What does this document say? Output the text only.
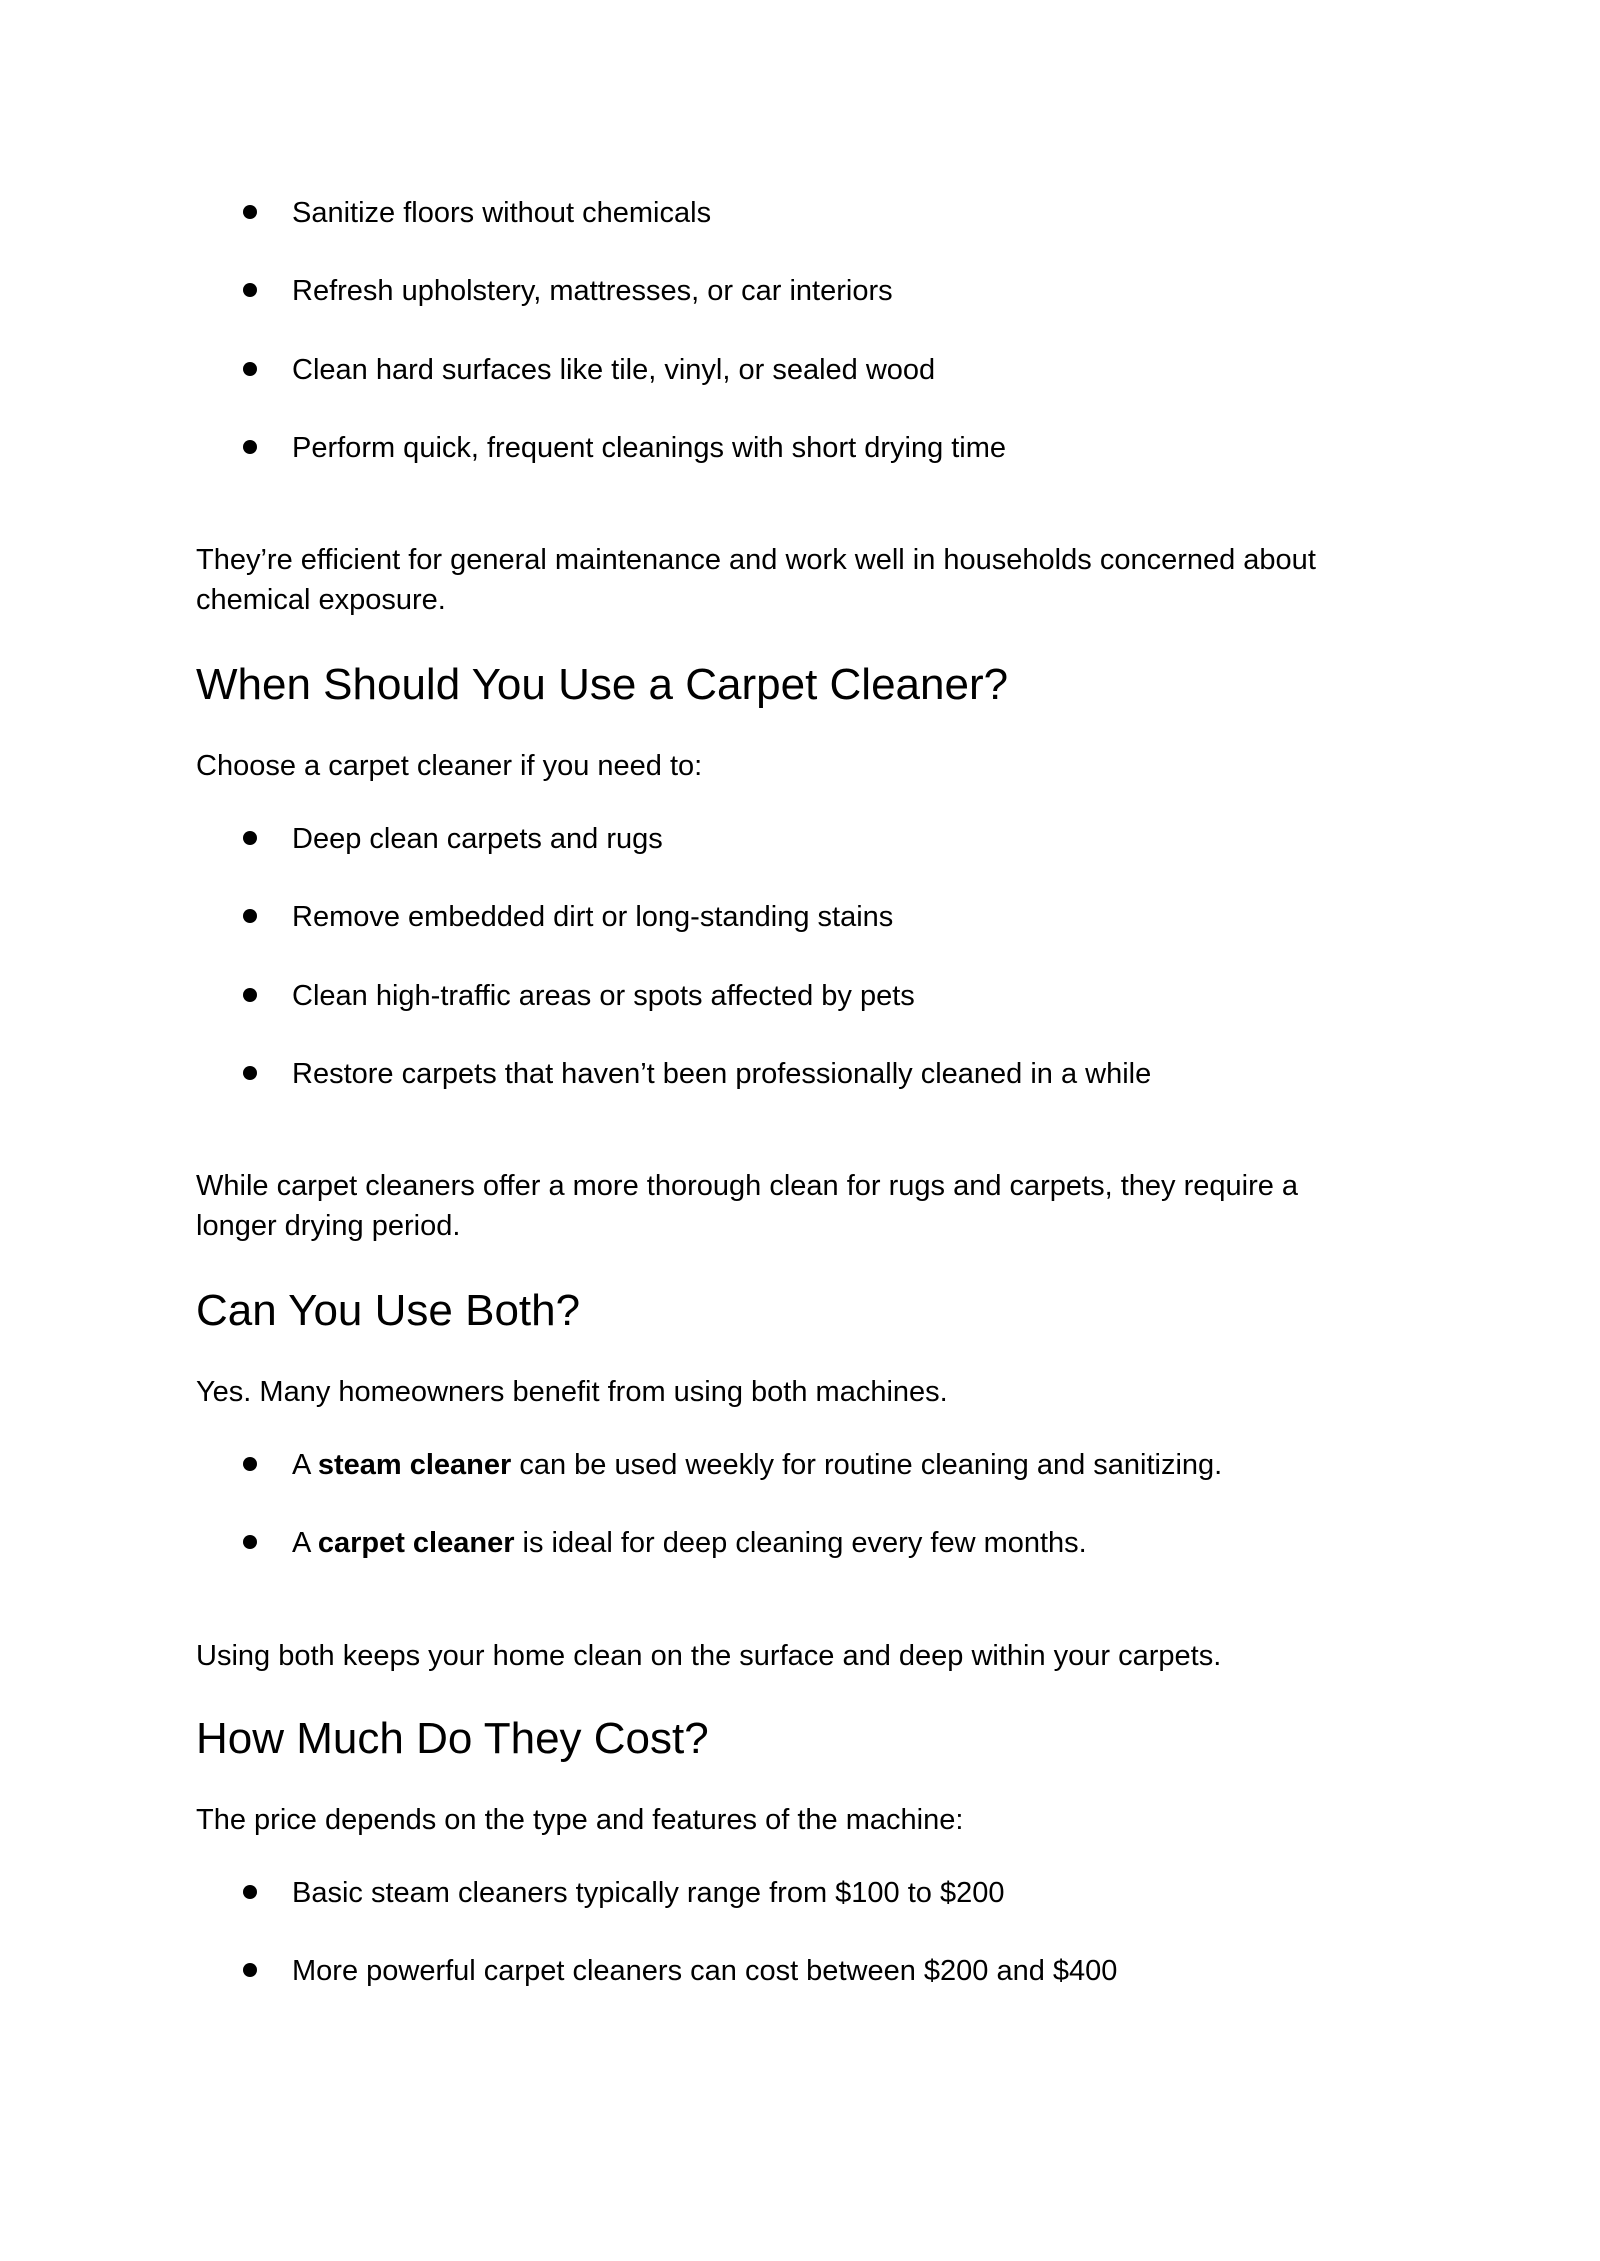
Sanitize floors without chemicals
Refresh upholstery, mattresses, or car interiors
Clean hard surfaces like tile, vinyl, or sealed wood
Perform quick, frequent cleanings with short drying time

They’re efficient for general maintenance and work well in households concerned about chemical exposure.

When Should You Use a Carpet Cleaner?

Choose a carpet cleaner if you need to:

Deep clean carpets and rugs
Remove embedded dirt or long-standing stains
Clean high-traffic areas or spots affected by pets
Restore carpets that haven’t been professionally cleaned in a while

While carpet cleaners offer a more thorough clean for rugs and carpets, they require a longer drying period.

Can You Use Both?

Yes. Many homeowners benefit from using both machines.

A steam cleaner can be used weekly for routine cleaning and sanitizing.
A carpet cleaner is ideal for deep cleaning every few months.

Using both keeps your home clean on the surface and deep within your carpets.

How Much Do They Cost?

The price depends on the type and features of the machine:

Basic steam cleaners typically range from $100 to $200
More powerful carpet cleaners can cost between $200 and $400
